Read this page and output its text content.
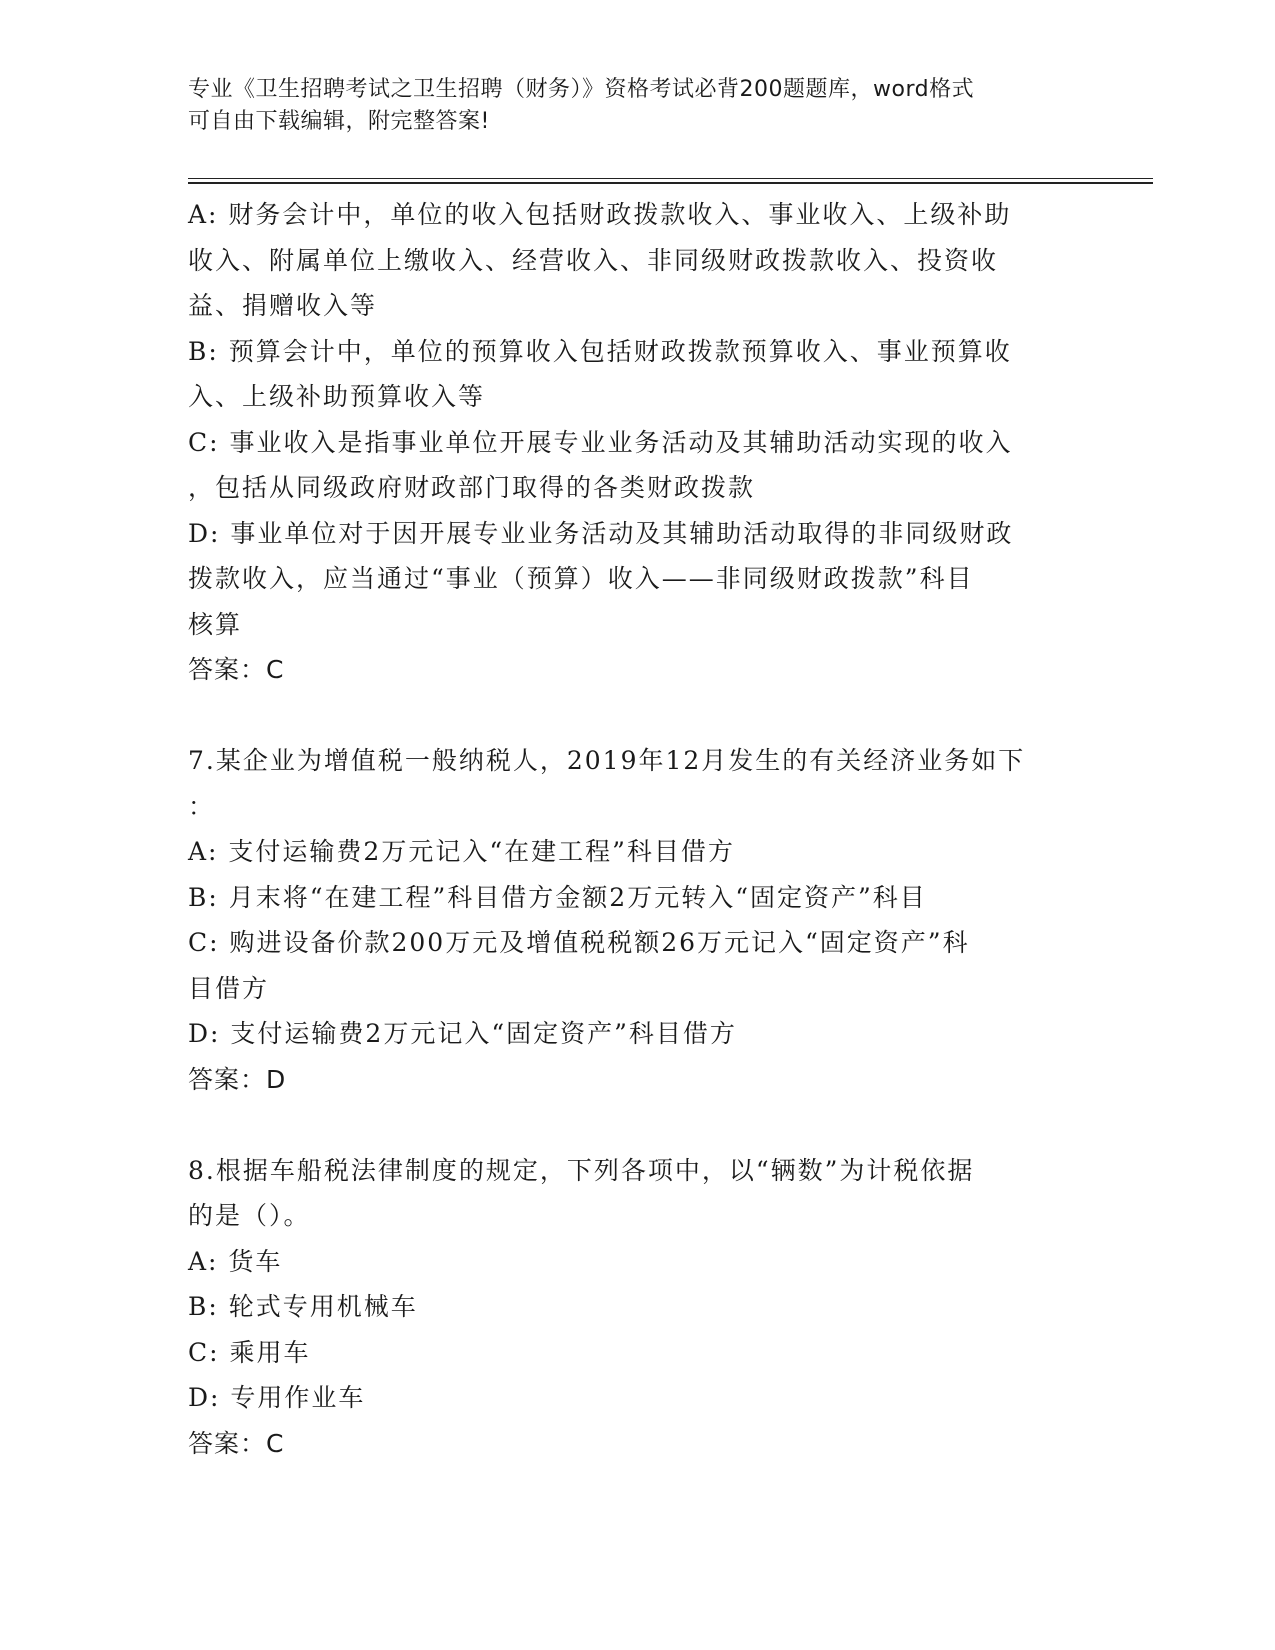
专业《卫生招聘考试之卫生招聘（财务）》资格考试必背200题题库，word格式
可自由下载编辑，附完整答案!
A: 财务会计中，单位的收入包括财政拨款收入、事业收入、上级补助
收入、附属单位上缴收入、经营收入、非同级财政拨款收入、投资收
益、捐赠收入等
B: 预算会计中，单位的预算收入包括财政拨款预算收入、事业预算收
入、上级补助预算收入等
C: 事业收入是指事业单位开展专业业务活动及其辅助活动实现的收入
，包括从同级政府财政部门取得的各类财政拨款
D: 事业单位对于因开展专业业务活动及其辅助活动取得的非同级财政
拨款收入，应当通过“事业（预算）收入——非同级财政拨款”科目
核算
答案：C
7.某企业为增值税一般纳税人，2019年12月发生的有关经济业务如下
：
A: 支付运输费2万元记入“在建工程”科目借方
B: 月末将“在建工程”科目借方金额2万元转入“固定资产”科目
C: 购进设备价款200万元及增值税税额26万元记入“固定资产”科
目借方
D: 支付运输费2万元记入“固定资产”科目借方
答案：D
8.根据车船税法律制度的规定，下列各项中，以“辆数”为计税依据
的是（）。
A: 货车
B: 轮式专用机械车
C: 乘用车
D: 专用作业车
答案：C
